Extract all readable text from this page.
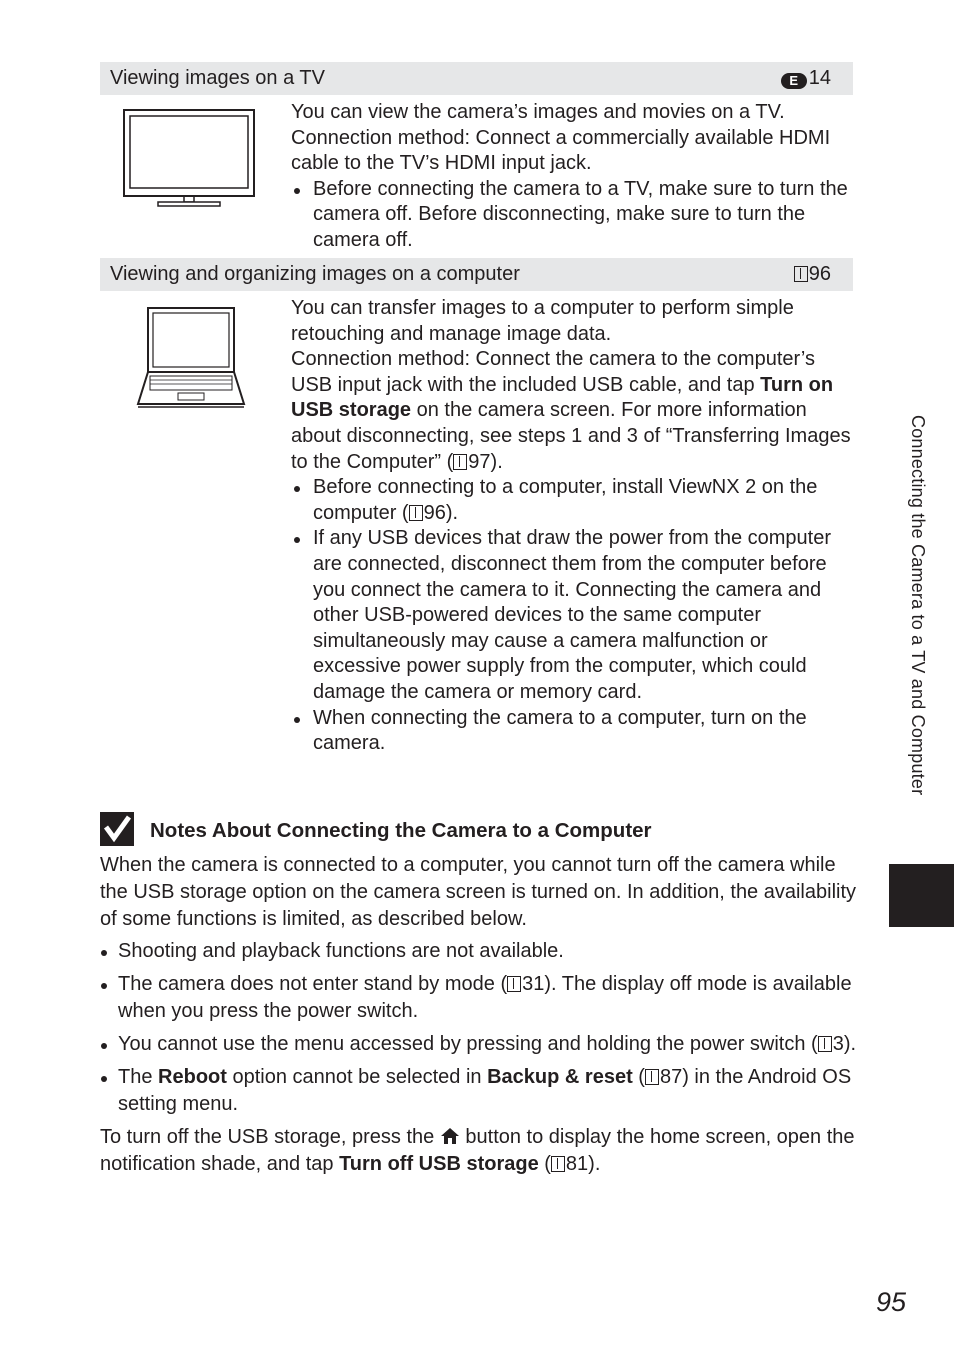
Viewing images on a TV	E 14

You can view the camera’s images and movies on a TV.

Connection method: Connect a commercially available HDMI cable to the TV’s HDMI input jack.

Before connecting the camera to a TV, make sure to turn the camera off. Before disconnecting, make sure to turn the camera off.
Viewing and organizing images on a computer	96

You can transfer images to a computer to perform simple retouching and manage image data.

Connection method: Connect the camera to the computer’s USB input jack with the included USB cable, and tap Turn on USB storage on the camera screen. For more information about disconnecting, see steps 1 and 3 of “Transferring Images to the Computer” ( 97).

Before connecting to a computer, install ViewNX 2 on the computer ( 96).
If any USB devices that draw the power from the computer are connected, disconnect them from the computer before you connect the camera to it. Connecting the camera and other USB-powered devices to the same computer simultaneously may cause a camera malfunction or excessive power supply from the computer, which could damage the camera or memory card.
When connecting the camera to a computer, turn on the camera.
Notes About Connecting the Camera to a Computer

When the camera is connected to a computer, you cannot turn off the camera while the USB storage option on the camera screen is turned on. In addition, the availability of some functions is limited, as described below.

Shooting and playback functions are not available.
The camera does not enter stand by mode ( 31). The display off mode is available when you press the power switch.
You cannot use the menu accessed by pressing and holding the power switch ( 3).
The Reboot option cannot be selected in Backup & reset ( 87) in the Android OS setting menu.

To turn off the USB storage, press the  button to display the home screen, open the notification shade, and tap Turn off USB storage ( 81).

Connecting the Camera to a TV and Computer
95
